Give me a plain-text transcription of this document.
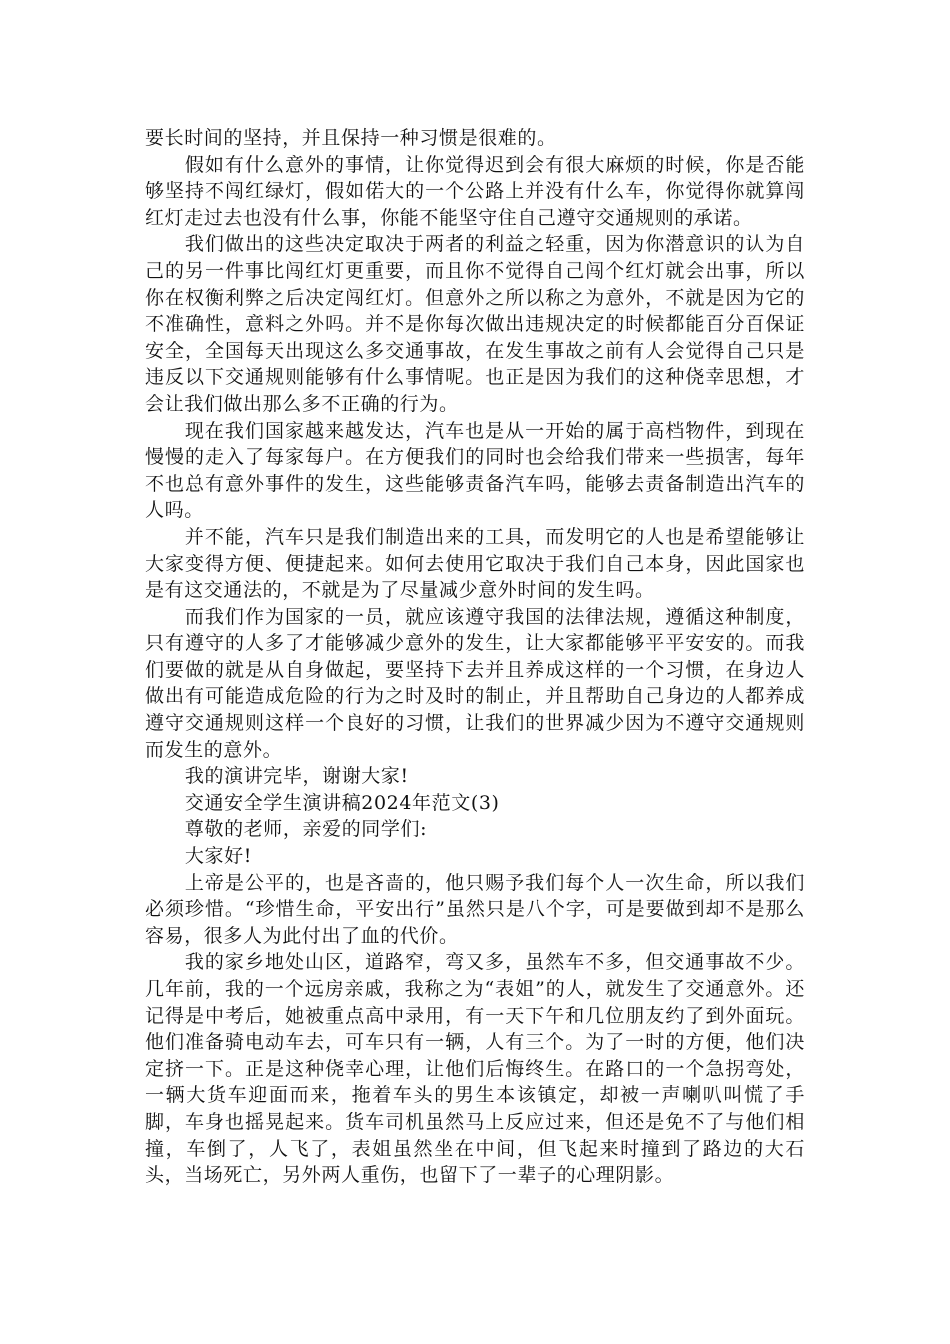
要长时间的坚持，并且保持一种习惯是很难的。

假如有什么意外的事情，让你觉得迟到会有很大麻烦的时候，你是否能够坚持不闯红绿灯，假如偌大的一个公路上并没有什么车，你觉得你就算闯红灯走过去也没有什么事，你能不能坚守住自己遵守交通规则的承诺。

我们做出的这些决定取决于两者的利益之轻重，因为你潜意识的认为自己的另一件事比闯红灯更重要，而且你不觉得自己闯个红灯就会出事，所以你在权衡利弊之后决定闯红灯。但意外之所以称之为意外，不就是因为它的不准确性，意料之外吗。并不是你每次做出违规决定的时候都能百分百保证安全，全国每天出现这么多交通事故，在发生事故之前有人会觉得自己只是违反以下交通规则能够有什么事情呢。也正是因为我们的这种侥幸思想，才会让我们做出那么多不正确的行为。

现在我们国家越来越发达，汽车也是从一开始的属于高档物件，到现在慢慢的走入了每家每户。在方便我们的同时也会给我们带来一些损害，每年不也总有意外事件的发生，这些能够责备汽车吗，能够去责备制造出汽车的人吗。

并不能，汽车只是我们制造出来的工具，而发明它的人也是希望能够让大家变得方便、便捷起来。如何去使用它取决于我们自己本身，因此国家也是有这交通法的，不就是为了尽量减少意外时间的发生吗。

而我们作为国家的一员，就应该遵守我国的法律法规，遵循这种制度，只有遵守的人多了才能够减少意外的发生，让大家都能够平平安安的。而我们要做的就是从自身做起，要坚持下去并且养成这样的一个习惯，在身边人做出有可能造成危险的行为之时及时的制止，并且帮助自己身边的人都养成遵守交通规则这样一个良好的习惯，让我们的世界减少因为不遵守交通规则而发生的意外。

我的演讲完毕，谢谢大家!

交通安全学生演讲稿2024年范文(3)

尊敬的老师，亲爱的同学们:

大家好!

上帝是公平的，也是吝啬的，他只赐予我们每个人一次生命，所以我们必须珍惜。“珍惜生命，平安出行”虽然只是八个字，可是要做到却不是那么容易，很多人为此付出了血的代价。

我的家乡地处山区，道路窄，弯又多，虽然车不多，但交通事故不少。几年前，我的一个远房亲戚，我称之为“表姐”的人，就发生了交通意外。还记得是中考后，她被重点高中录用，有一天下午和几位朋友约了到外面玩。他们准备骑电动车去，可车只有一辆，人有三个。为了一时的方便，他们决定挤一下。正是这种侥幸心理，让他们后悔终生。在路口的一个急拐弯处，一辆大货车迎面而来，拖着车头的男生本该镇定，却被一声喇叭叫慌了手脚，车身也摇晃起来。货车司机虽然马上反应过来，但还是免不了与他们相撞，车倒了，人飞了，表姐虽然坐在中间，但飞起来时撞到了路边的大石头，当场死亡，另外两人重伤，也留下了一辈子的心理阴影。
